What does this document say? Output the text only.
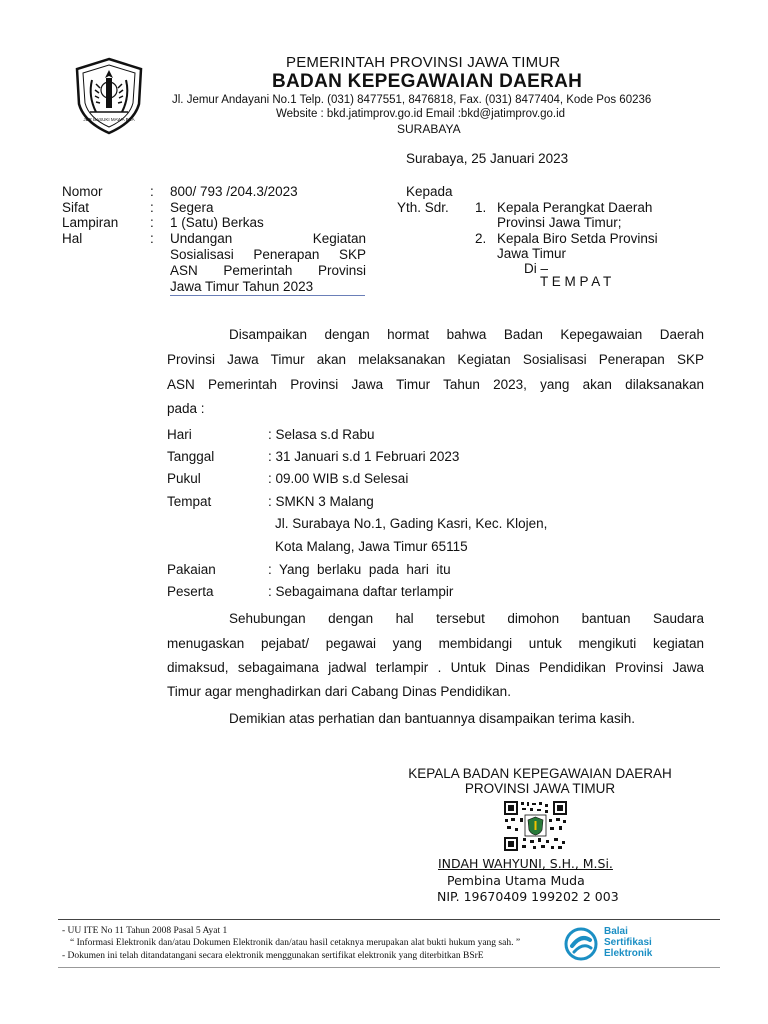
JER BASUKI MAWA BEA
PEMERINTAH PROVINSI JAWA TIMUR
BADAN KEPEGAWAIAN DAERAH
Jl. Jemur Andayani No.1 Telp. (031) 8477551, 8476818, Fax. (031) 8477404, Kode Pos 60236
Website : bkd.jatimprov.go.id Email :bkd@jatimprov.go.id
SURABAYA
Surabaya, 25 Januari 2023
Nomor	: 800/ 793 /204.3/2023
Sifat	: Segera
Lampiran : 1 (Satu) Berkas
Hal	: Undangan Kegiatan
Sosialisasi Penerapan SKP
ASN Pemerintah Provinsi
Jawa Timur Tahun 2023
Kepada
Yth. Sdr. 1. Kepala Perangkat Daerah
Provinsi Jawa Timur;
2. Kepala Biro Setda Provinsi
Jawa Timur
Di –
T E M P A T
Disampaikan dengan hormat bahwa Badan Kepegawaian Daerah
Provinsi Jawa Timur akan melaksanakan Kegiatan Sosialisasi Penerapan SKP
ASN Pemerintah Provinsi Jawa Timur Tahun 2023, yang akan dilaksanakan
pada :
Hari	: Selasa s.d Rabu
Tanggal	: 31 Januari s.d 1 Februari 2023
Pukul	: 09.00 WIB s.d Selesai
Tempat	: SMKN 3 Malang
Jl. Surabaya No.1, Gading Kasri, Kec. Klojen,
Kota Malang, Jawa Timur 65115
Pakaian	:  Yang  berlaku  pada  hari  itu
Peserta	: Sebagaimana daftar terlampir
Sehubungan dengan hal tersebut dimohon bantuan Saudara
menugaskan pejabat/ pegawai yang membidangi untuk mengikuti kegiatan
dimaksud, sebagaimana jadwal terlampir . Untuk Dinas Pendidikan Provinsi Jawa
Timur agar menghadirkan dari Cabang Dinas Pendidikan.
Demikian atas perhatian dan bantuannya disampaikan terima kasih.
KEPALA BADAN KEPEGAWAIAN DAERAH
PROVINSI JAWA TIMUR
INDAH WAHYUNI, S.H., M.Si.
Pembina Utama Muda
NIP. 19670409 199202 2 003
- UU ITE No 11 Tahun 2008 Pasal 5 Ayat 1
“ Informasi Elektronik dan/atau Dokumen Elektronik dan/atau hasil cetaknya merupakan alat bukti hukum yang sah. ”
- Dokumen ini telah ditandatangani secara elektronik menggunakan sertifikat elektronik yang diterbitkan BSrE
Balai
Sertifikasi
Elektronik
